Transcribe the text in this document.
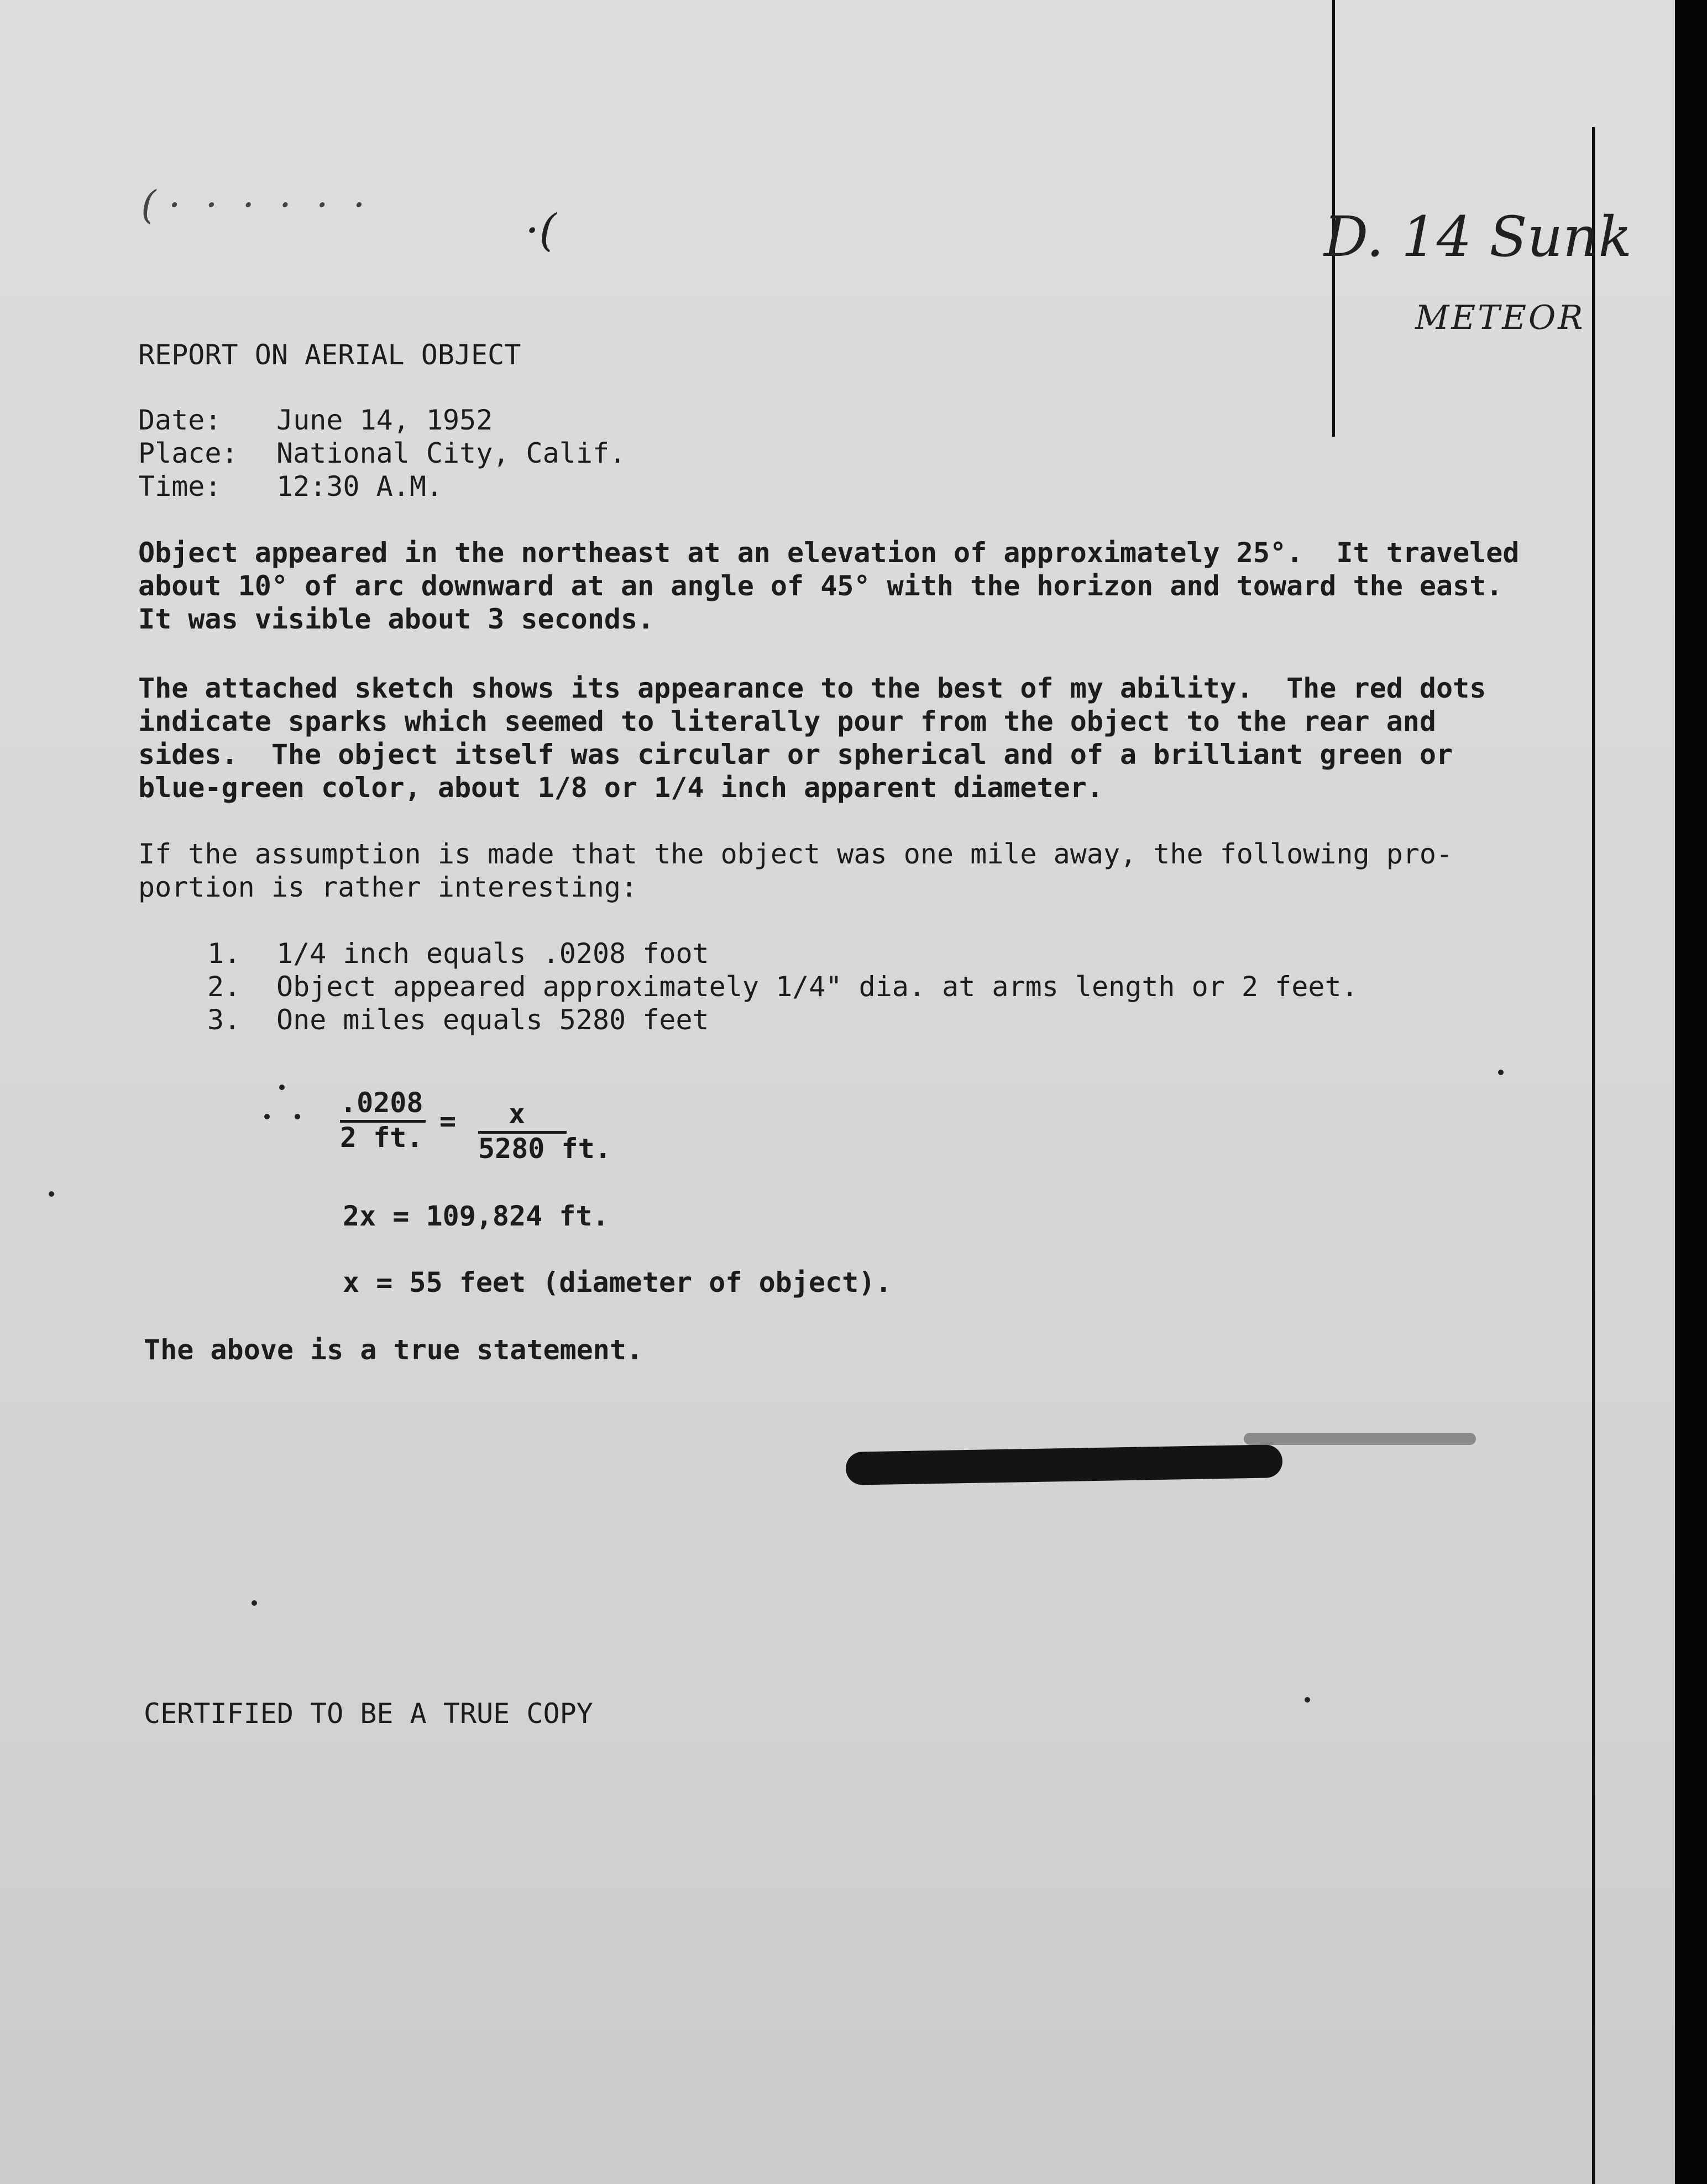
( ·  ·  ·  ·  ·  ·	·(	D. 14 Sunk
METEOR
REPORT ON AERIAL OBJECT
Date: June 14, 1952
Place: National City, Calif.
Time: 12:30 A.M.
Object appeared in the northeast at an elevation of approximately 25°.  It traveled
about 10° of arc downward at an angle of 45° with the horizon and toward the east.
It was visible about 3 seconds.
The attached sketch shows its appearance to the best of my ability.  The red dots
indicate sparks which seemed to literally pour from the object to the rear and
sides.  The object itself was circular or spherical and of a brilliant green or
blue-green color, about 1/8 or 1/4 inch apparent diameter.
If the assumption is made that the object was one mile away, the following pro-
portion is rather interesting:
1. 1/4 inch equals .0208 foot
2. Object appeared approximately 1/4" dia. at arms length or 2 feet.
3. One miles equals 5280 feet
.0208
2 ft.
= x
5280 ft.
2x = 109,824 ft.
x = 55 feet (diameter of object).
The above is a true statement.
CERTIFIED TO BE A TRUE COPY
